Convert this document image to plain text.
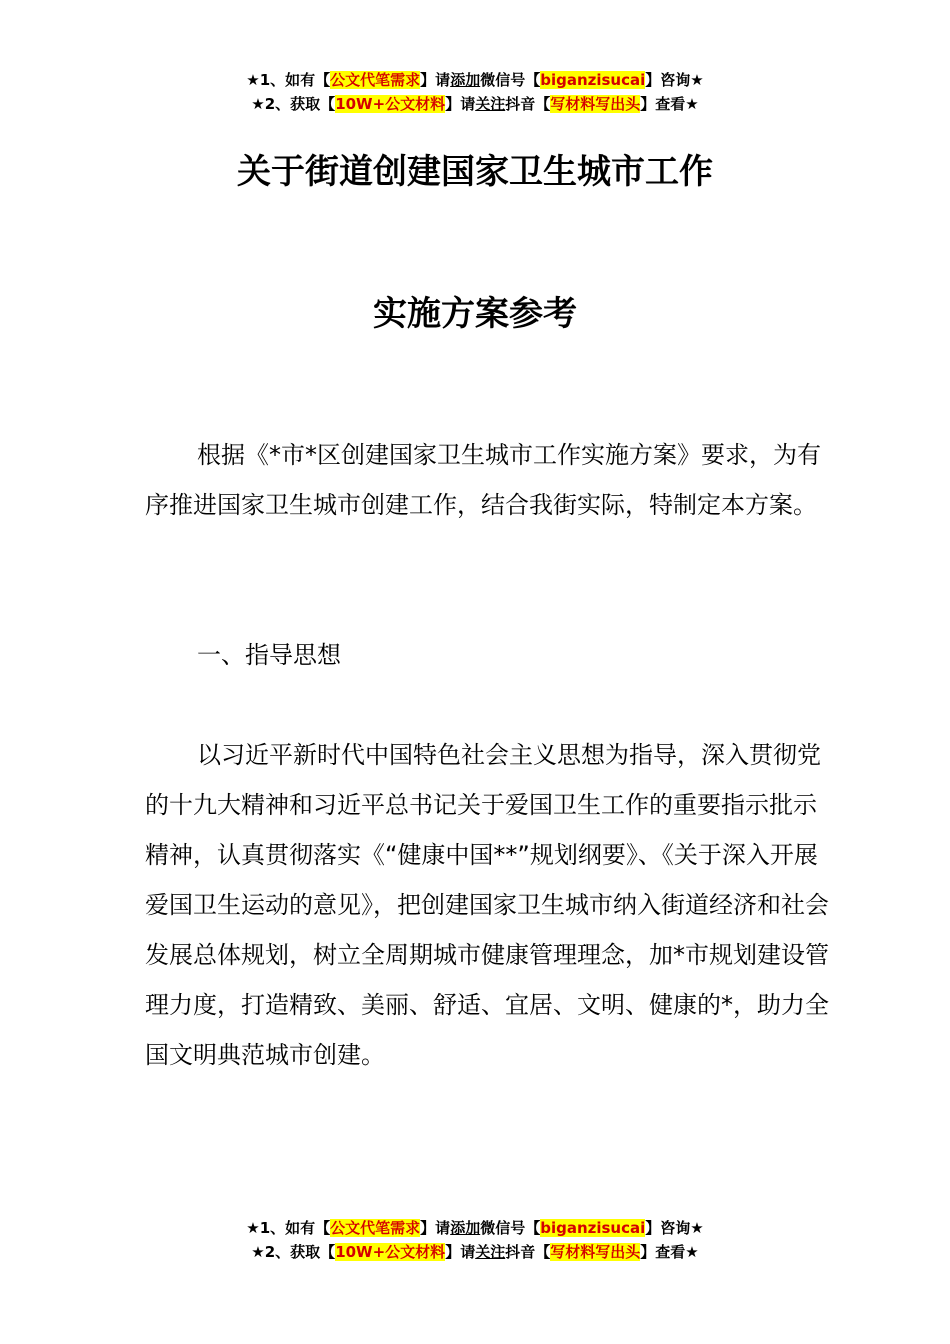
★1、如有【公文代笔需求】请添加微信号【biganzisucai】咨询★
★2、获取【10W+公文材料】请关注抖音【写材料写出头】查看★
关于街道创建国家卫生城市工作
实施方案参考

根据《*市*区创建国家卫生城市工作实施方案》要求，为有序推进国家卫生城市创建工作，结合我街实际，特制定本方案。

一、指导思想

以习近平新时代中国特色社会主义思想为指导，深入贯彻党的十九大精神和习近平总书记关于爱国卫生工作的重要指示批示精神，认真贯彻落实《“健康中国**”规划纲要》、《关于深入开展爱国卫生运动的意见》，把创建国家卫生城市纳入街道经济和社会发展总体规划，树立全周期城市健康管理理念，加*市规划建设管理力度，打造精致、美丽、舒适、宜居、文明、健康的*，助力全国文明典范城市创建。

★1、如有【公文代笔需求】请添加微信号【biganzisucai】咨询★
★2、获取【10W+公文材料】请关注抖音【写材料写出头】查看★
